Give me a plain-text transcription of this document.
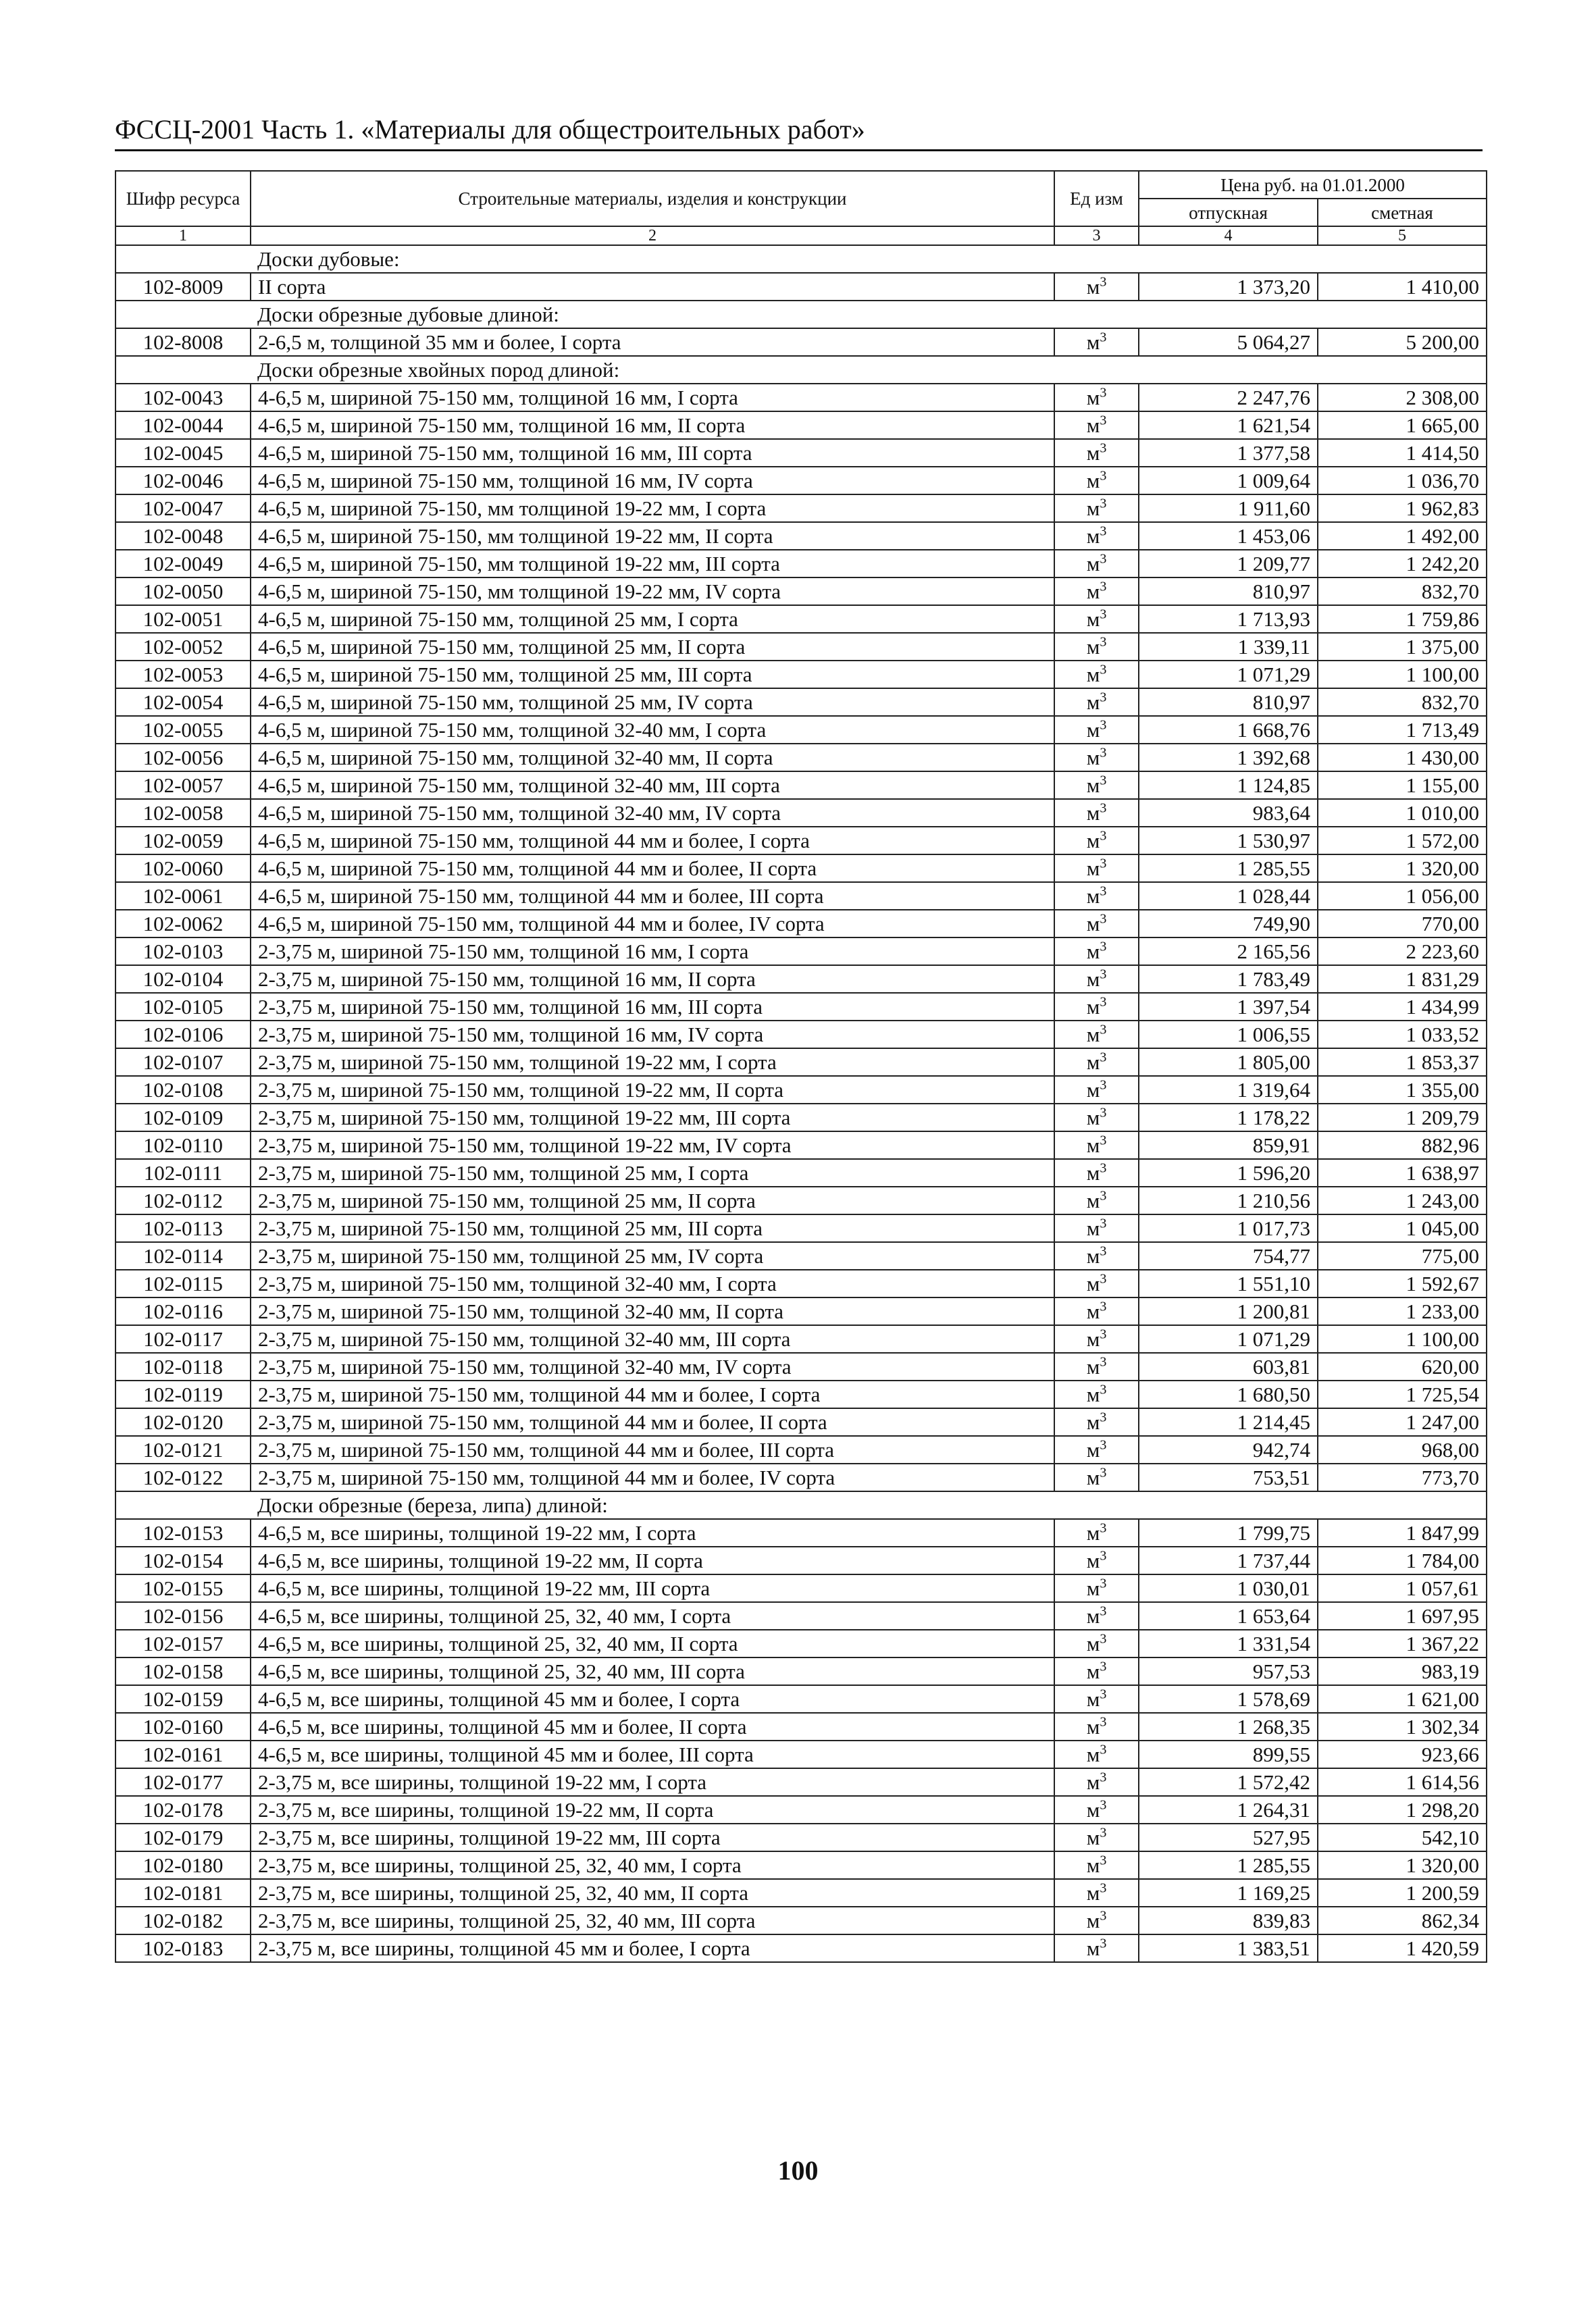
ФССЦ-2001 Часть 1. «Материалы для общестроительных работ»
Шифр ресурса	Строительные материалы, изделия и конструкции	Ед изм	Цена руб. на 01.01.2000	
			отпускная	сметная
1	2	3	4	5
	Доски дубовые:			
102-8009	II сорта	$м^3$	1 373,20	1 410,00
	Доски обрезные дубовые длиной:			
102-8008	2-6,5 м, толщиной 35 мм и более, I сорта	$м^3$	5 064,27	5 200,00
	Доски обрезные хвойных пород длиной:			
102-0043	4-6,5 м, шириной 75-150 мм, толщиной 16 мм, I сорта	$м^3$	2 247,76	2 308,00
102-0044	4-6,5 м, шириной 75-150 мм, толщиной 16 мм, II сорта	$м^3$	1 621,54	1 665,00
102-0045	4-6,5 м, шириной 75-150 мм, толщиной 16 мм, III сорта	$м^3$	1 377,58	1 414,50
102-0046	4-6,5 м, шириной 75-150 мм, толщиной 16 мм, IV сорта	$м^3$	1 009,64	1 036,70
102-0047	4-6,5 м, шириной 75-150, мм толщиной 19-22 мм, I сорта	$м^3$	1 911,60	1 962,83
102-0048	4-6,5 м, шириной 75-150, мм толщиной 19-22 мм, II сорта	$м^3$	1 453,06	1 492,00
102-0049	4-6,5 м, шириной 75-150, мм толщиной 19-22 мм, III сорта	$м^3$	1 209,77	1 242,20
102-0050	4-6,5 м, шириной 75-150, мм толщиной 19-22 мм, IV сорта	$м^3$	810,97	832,70
102-0051	4-6,5 м, шириной 75-150 мм, толщиной 25 мм, I сорта	$м^3$	1 713,93	1 759,86
102-0052	4-6,5 м, шириной 75-150 мм, толщиной 25 мм, II сорта	$м^3$	1 339,11	1 375,00
102-0053	4-6,5 м, шириной 75-150 мм, толщиной 25 мм, III сорта	$м^3$	1 071,29	1 100,00
102-0054	4-6,5 м, шириной 75-150 мм, толщиной 25 мм, IV сорта	$м^3$	810,97	832,70
102-0055	4-6,5 м, шириной 75-150 мм, толщиной 32-40 мм, I сорта	$м^3$	1 668,76	1 713,49
102-0056	4-6,5 м, шириной 75-150 мм, толщиной 32-40 мм, II сорта	$м^3$	1 392,68	1 430,00
102-0057	4-6,5 м, шириной 75-150 мм, толщиной 32-40 мм, III сорта	$м^3$	1 124,85	1 155,00
102-0058	4-6,5 м, шириной 75-150 мм, толщиной 32-40 мм, IV сорта	$м^3$	983,64	1 010,00
102-0059	4-6,5 м, шириной 75-150 мм, толщиной 44 мм и более, I сорта	$м^3$	1 530,97	1 572,00
102-0060	4-6,5 м, шириной 75-150 мм, толщиной 44 мм и более, II сорта	$м^3$	1 285,55	1 320,00
102-0061	4-6,5 м, шириной 75-150 мм, толщиной 44 мм и более, III сорта	$м^3$	1 028,44	1 056,00
102-0062	4-6,5 м, шириной 75-150 мм, толщиной 44 мм и более, IV сорта	$м^3$	749,90	770,00
102-0103	2-3,75 м, шириной 75-150 мм, толщиной 16 мм, I сорта	$м^3$	2 165,56	2 223,60
102-0104	2-3,75 м, шириной 75-150 мм, толщиной 16 мм, II сорта	$м^3$	1 783,49	1 831,29
102-0105	2-3,75 м, шириной 75-150 мм, толщиной 16 мм, III сорта	$м^3$	1 397,54	1 434,99
102-0106	2-3,75 м, шириной 75-150 мм, толщиной 16 мм, IV сорта	$м^3$	1 006,55	1 033,52
102-0107	2-3,75 м, шириной 75-150 мм, толщиной 19-22 мм, I сорта	$м^3$	1 805,00	1 853,37
102-0108	2-3,75 м, шириной 75-150 мм, толщиной 19-22 мм, II сорта	$м^3$	1 319,64	1 355,00
102-0109	2-3,75 м, шириной 75-150 мм, толщиной 19-22 мм, III сорта	$м^3$	1 178,22	1 209,79
102-0110	2-3,75 м, шириной 75-150 мм, толщиной 19-22 мм, IV сорта	$м^3$	859,91	882,96
102-0111	2-3,75 м, шириной 75-150 мм, толщиной 25 мм, I сорта	$м^3$	1 596,20	1 638,97
102-0112	2-3,75 м, шириной 75-150 мм, толщиной 25 мм, II сорта	$м^3$	1 210,56	1 243,00
102-0113	2-3,75 м, шириной 75-150 мм, толщиной 25 мм, III сорта	$м^3$	1 017,73	1 045,00
102-0114	2-3,75 м, шириной 75-150 мм, толщиной 25 мм, IV сорта	$м^3$	754,77	775,00
102-0115	2-3,75 м, шириной 75-150 мм, толщиной 32-40 мм, I сорта	$м^3$	1 551,10	1 592,67
102-0116	2-3,75 м, шириной 75-150 мм, толщиной 32-40 мм, II сорта	$м^3$	1 200,81	1 233,00
102-0117	2-3,75 м, шириной 75-150 мм, толщиной 32-40 мм, III сорта	$м^3$	1 071,29	1 100,00
102-0118	2-3,75 м, шириной 75-150 мм, толщиной 32-40 мм, IV сорта	$м^3$	603,81	620,00
102-0119	2-3,75 м, шириной 75-150 мм, толщиной 44 мм и более, I сорта	$м^3$	1 680,50	1 725,54
102-0120	2-3,75 м, шириной 75-150 мм, толщиной 44 мм и более, II сорта	$м^3$	1 214,45	1 247,00
102-0121	2-3,75 м, шириной 75-150 мм, толщиной 44 мм и более, III сорта	$м^3$	942,74	968,00
102-0122	2-3,75 м, шириной 75-150 мм, толщиной 44 мм и более, IV сорта	$м^3$	753,51	773,70
	Доски обрезные (береза, липа) длиной:			
102-0153	4-6,5 м, все ширины, толщиной 19-22 мм, I сорта	$м^3$	1 799,75	1 847,99
102-0154	4-6,5 м, все ширины, толщиной 19-22 мм, II сорта	$м^3$	1 737,44	1 784,00
102-0155	4-6,5 м, все ширины, толщиной 19-22 мм, III сорта	$м^3$	1 030,01	1 057,61
102-0156	4-6,5 м, все ширины, толщиной 25, 32, 40 мм, I сорта	$м^3$	1 653,64	1 697,95
102-0157	4-6,5 м, все ширины, толщиной 25, 32, 40 мм, II сорта	$м^3$	1 331,54	1 367,22
102-0158	4-6,5 м, все ширины, толщиной 25, 32, 40 мм, III сорта	$м^3$	957,53	983,19
102-0159	4-6,5 м, все ширины, толщиной 45 мм и более, I сорта	$м^3$	1 578,69	1 621,00
102-0160	4-6,5 м, все ширины, толщиной 45 мм и более, II сорта	$м^3$	1 268,35	1 302,34
102-0161	4-6,5 м, все ширины, толщиной 45 мм и более, III сорта	$м^3$	899,55	923,66
102-0177	2-3,75 м, все ширины, толщиной 19-22 мм, I сорта	$м^3$	1 572,42	1 614,56
102-0178	2-3,75 м, все ширины, толщиной 19-22 мм, II сорта	$м^3$	1 264,31	1 298,20
102-0179	2-3,75 м, все ширины, толщиной 19-22 мм, III сорта	$м^3$	527,95	542,10
102-0180	2-3,75 м, все ширины, толщиной 25, 32, 40 мм, I сорта	$м^3$	1 285,55	1 320,00
102-0181	2-3,75 м, все ширины, толщиной 25, 32, 40 мм, II сорта	$м^3$	1 169,25	1 200,59
102-0182	2-3,75 м, все ширины, толщиной 25, 32, 40 мм, III сорта	$м^3$	839,83	862,34
102-0183	2-3,75 м, все ширины, толщиной 45 мм и более, I сорта	$м^3$	1 383,51	1 420,59
100
